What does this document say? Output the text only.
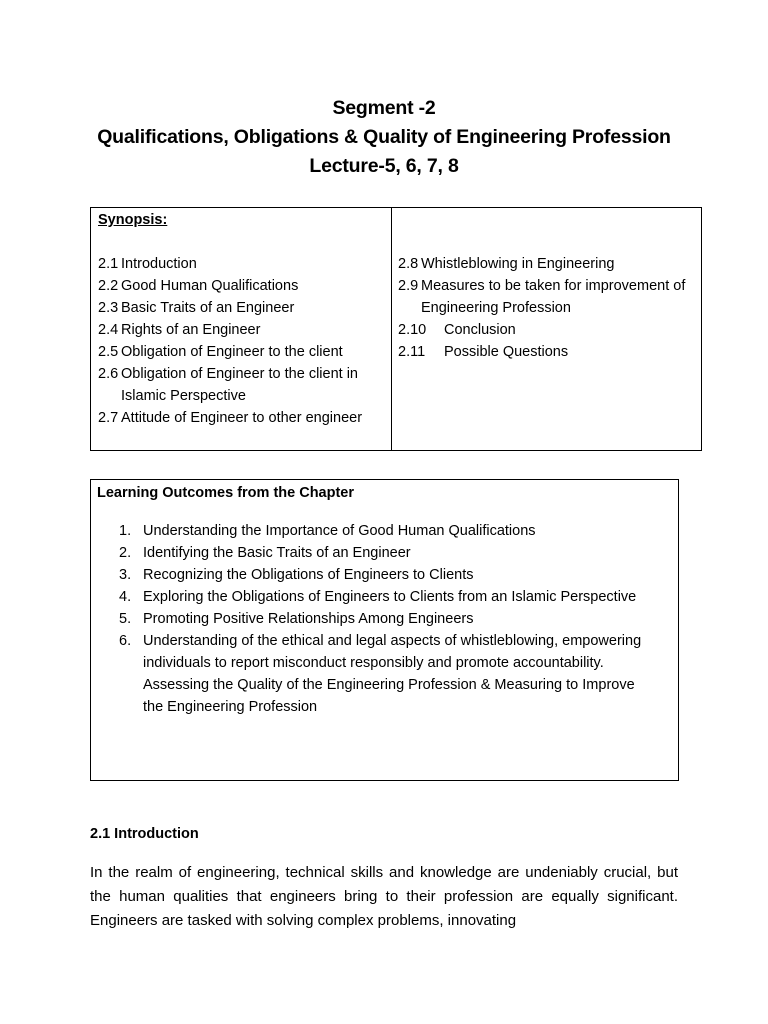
Segment -2
Qualifications, Obligations & Quality of Engineering Profession
Lecture-5, 6, 7, 8
Synopsis:
2.1 Introduction
2.2 Good Human Qualifications
2.3 Basic Traits of an Engineer
2.4 Rights of an Engineer
2.5 Obligation of Engineer to the client
2.6 Obligation of Engineer to the client in Islamic Perspective
2.7 Attitude of Engineer to other engineer
2.8 Whistleblowing in Engineering
2.9 Measures to be taken for improvement of Engineering Profession
2.10	Conclusion
2.11	Possible Questions
Learning Outcomes from the Chapter
1. Understanding the Importance of Good Human Qualifications
2. Identifying the Basic Traits of an Engineer
3. Recognizing the Obligations of Engineers to Clients
4. Exploring the Obligations of Engineers to Clients from an Islamic Perspective
5. Promoting Positive Relationships Among Engineers
6. Understanding of the ethical and legal aspects of whistleblowing, empowering individuals to report misconduct responsibly and promote accountability.
Assessing the Quality of the Engineering Profession & Measuring to Improve the Engineering Profession
2.1 Introduction
In the realm of engineering, technical skills and knowledge are undeniably crucial, but the human qualities that engineers bring to their profession are equally significant. Engineers are tasked with solving complex problems, innovating
